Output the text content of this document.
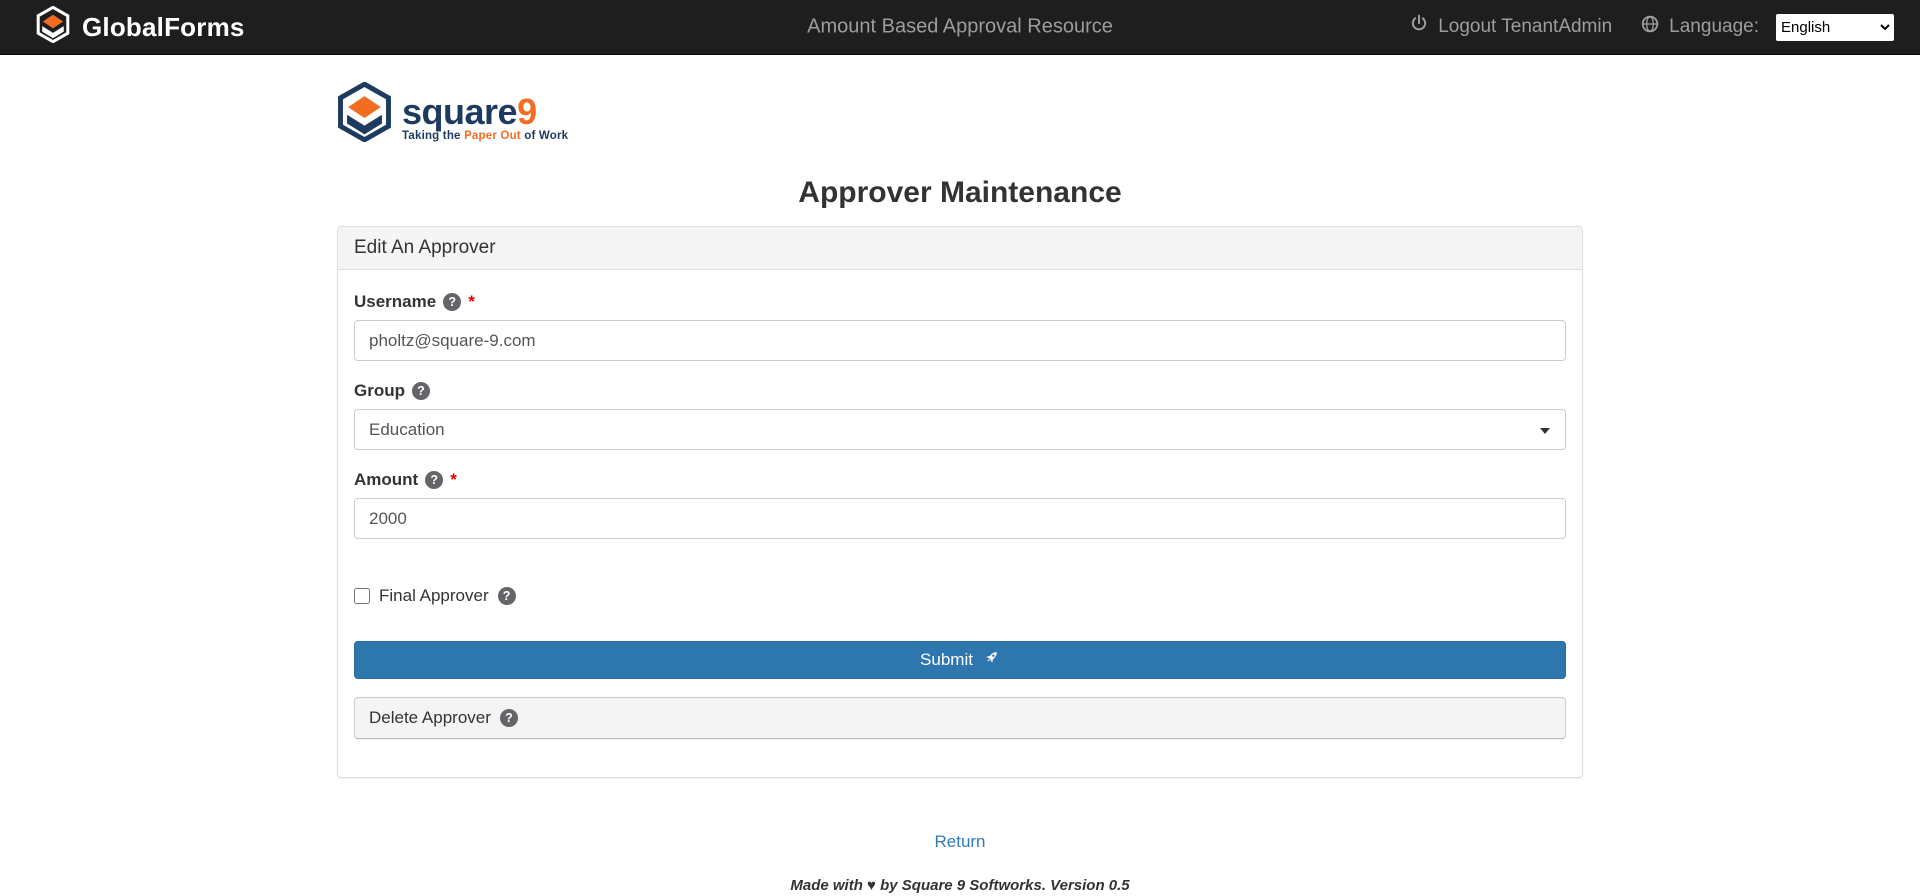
GlobalForms	Amount Based Approval Resource	Logout TenantAdmin	Language:
English
square9
Taking the Paper Out of Work
Approver Maintenance
Edit An Approver
Username ? *
pholtz@square-9.com
Group ?
Education
Amount ? *
2000
Final Approver	?
Submit
Delete Approver	?
Return
Made with ♥ by Square 9 Softworks. Version 0.5
